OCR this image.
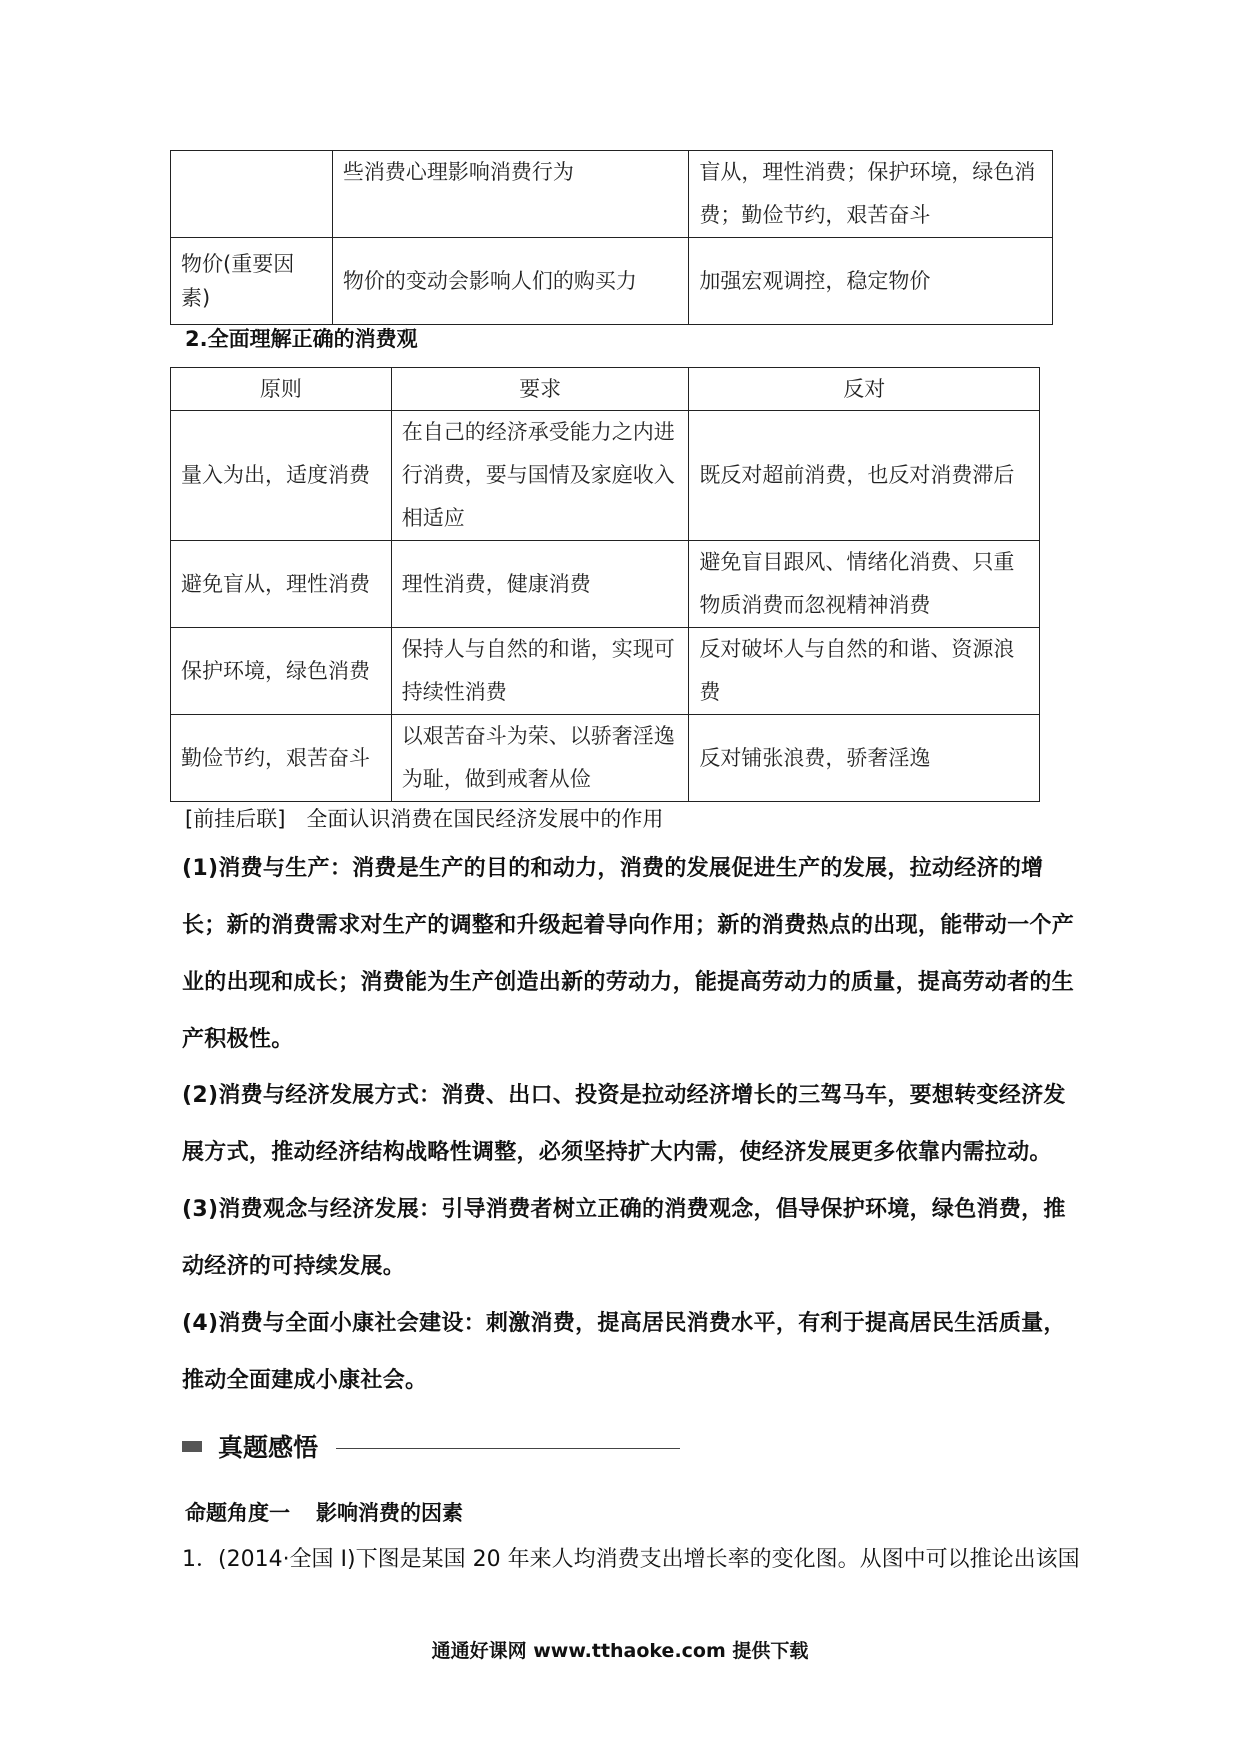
	些消费心理影响消费行为	盲从，理性消费；保护环境，绿色消费；勤俭节约，艰苦奋斗
物价(重要因素)	物价的变动会影响人们的购买力	加强宏观调控，稳定物价
2.全面理解正确的消费观
原则	要求	反对
量入为出，适度消费	在自己的经济承受能力之内进行消费，要与国情及家庭收入相适应	既反对超前消费，也反对消费滞后
避免盲从，理性消费	理性消费，健康消费	避免盲目跟风、情绪化消费、只重物质消费而忽视精神消费
保护环境，绿色消费	保持人与自然的和谐，实现可持续性消费	反对破坏人与自然的和谐、资源浪费
勤俭节约，艰苦奋斗	以艰苦奋斗为荣、以骄奢淫逸为耻，做到戒奢从俭	反对铺张浪费，骄奢淫逸
[前挂后联]　全面认识消费在国民经济发展中的作用
(1)消费与生产：消费是生产的目的和动力，消费的发展促进生产的发展，拉动经济的增长；新的消费需求对生产的调整和升级起着导向作用；新的消费热点的出现，能带动一个产业的出现和成长；消费能为生产创造出新的劳动力，能提高劳动力的质量，提高劳动者的生产积极性。
(2)消费与经济发展方式：消费、出口、投资是拉动经济增长的三驾马车，要想转变经济发展方式，推动经济结构战略性调整，必须坚持扩大内需，使经济发展更多依靠内需拉动。
(3)消费观念与经济发展：引导消费者树立正确的消费观念，倡导保护环境，绿色消费，推动经济的可持续发展。
(4)消费与全面小康社会建设：刺激消费，提高居民消费水平，有利于提高居民生活质量，推动全面建成小康社会。
真题感悟
命题角度一 影响消费的因素
1．(2014·全国 I)下图是某国 20 年来人均消费支出增长率的变化图。从图中可以推论出该国
通通好课网 www.tthaoke.com 提供下载
